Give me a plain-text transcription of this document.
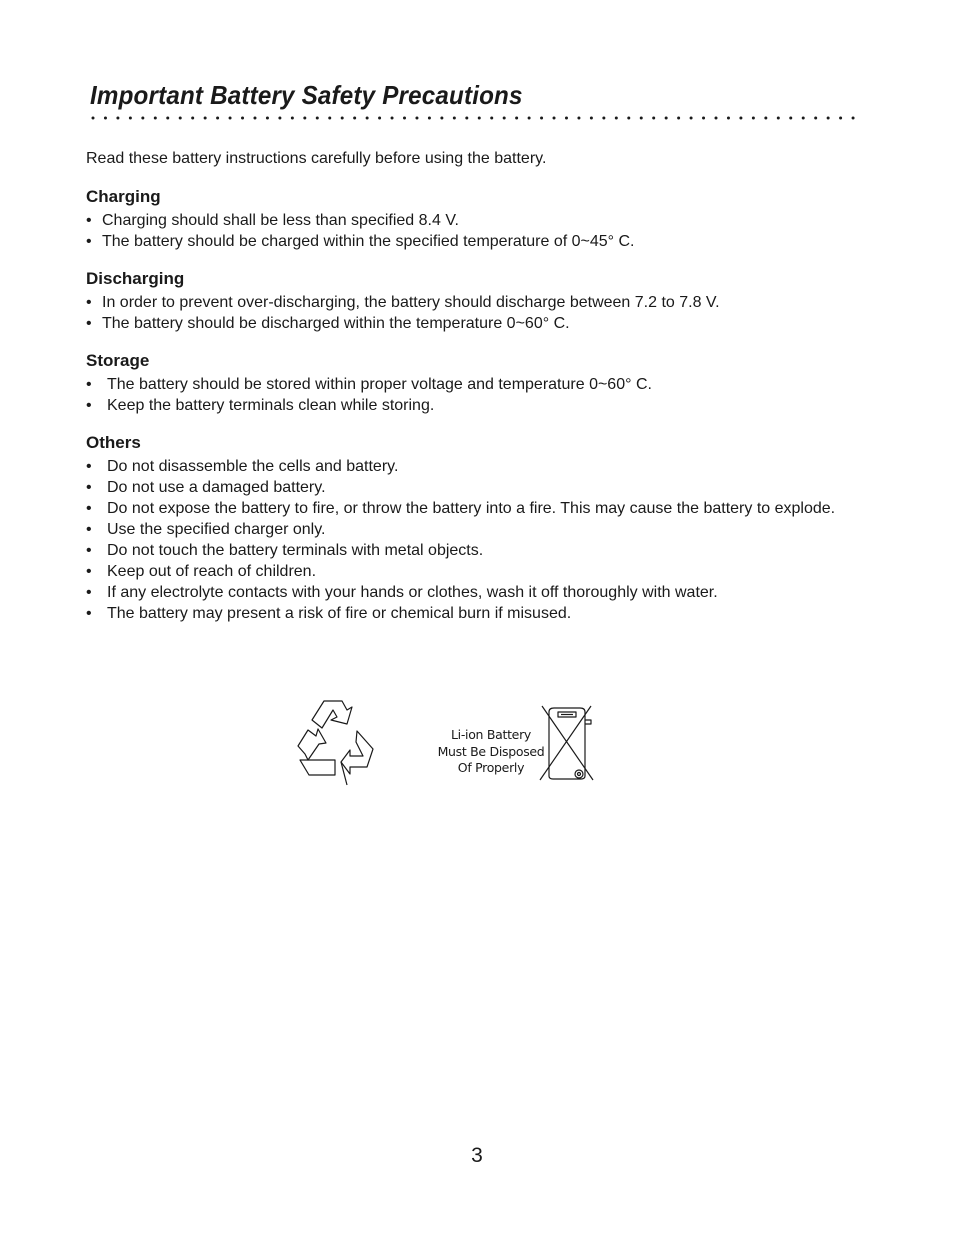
Important Battery Safety Precautions
Read these battery instructions carefully before using the battery.
Charging
• Charging should shall be less than specified 8.4 V.
• The battery should be charged within the specified temperature of 0~45° C.
Discharging
• In order to prevent over-discharging, the battery should discharge between 7.2 to 7.8 V.
• The battery should be discharged within the temperature 0~60° C.
Storage
• The battery should be stored within proper voltage and temperature 0~60° C.
• Keep the battery terminals clean while storing.
Others
• Do not disassemble the cells and battery.
• Do not use a damaged battery.
• Do not expose the battery to fire, or throw the battery into a fire. This may cause the battery to explode.
• Use the specified charger only.
• Do not touch the battery terminals with metal objects.
• Keep out of reach of children.
• If any electrolyte contacts with your hands or clothes, wash it off thoroughly with water.
• The battery may present a risk of fire or chemical burn if misused.
Li-ion Battery
Must Be Disposed
Of Properly
3
